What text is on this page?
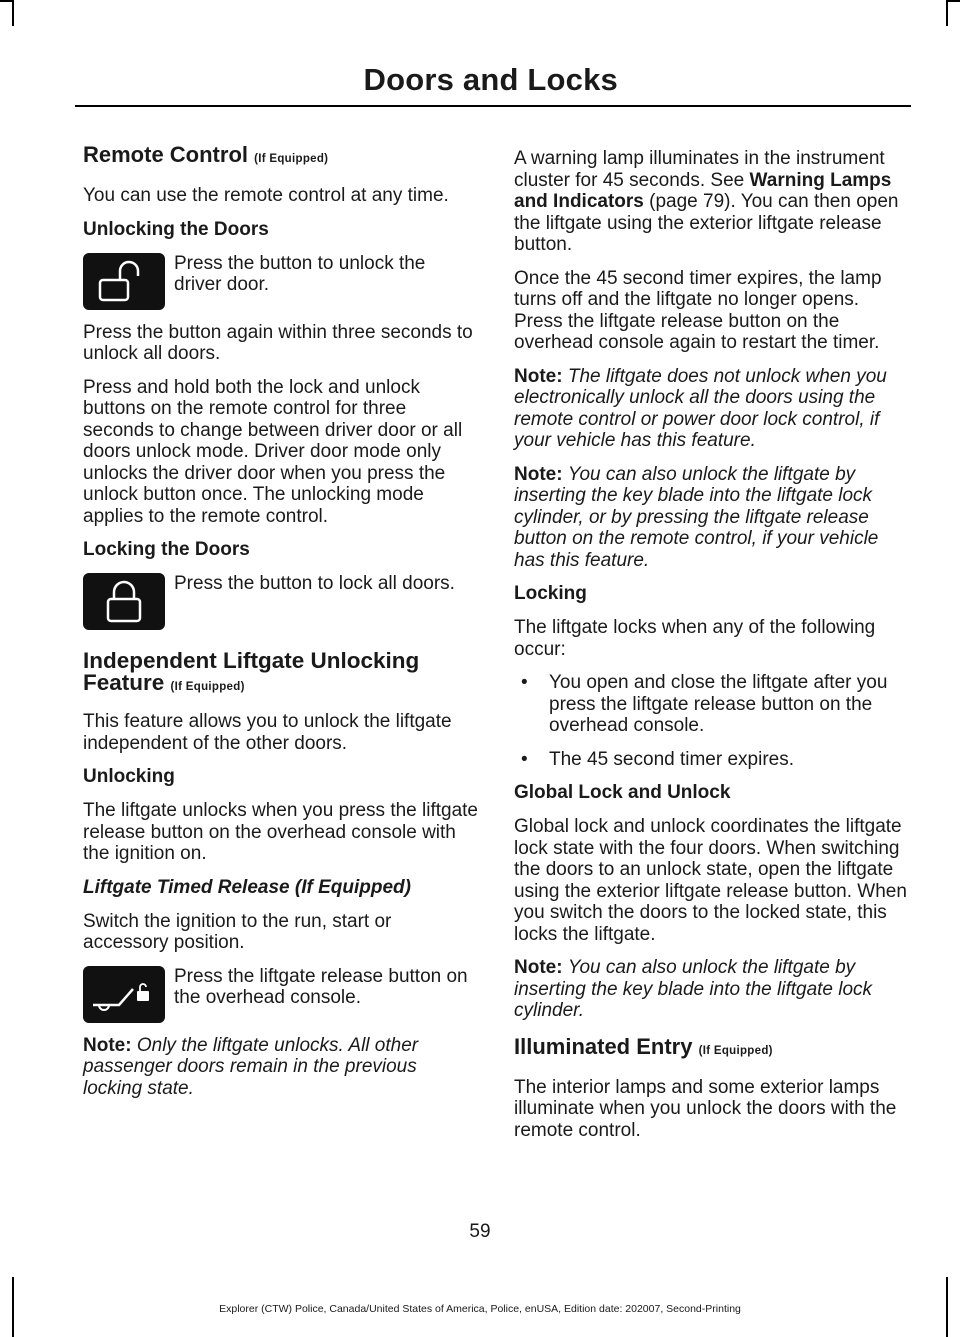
Doors and Locks
Remote Control (If Equipped)

You can use the remote control at any time.

Unlocking the Doors

Press the button to unlock the driver door.

Press the button again within three seconds to unlock all doors.

Press and hold both the lock and unlock buttons on the remote control for three seconds to change between driver door or all doors unlock mode. Driver door mode only unlocks the driver door when you press the unlock button once. The unlocking mode applies to the remote control.

Locking the Doors

Press the button to lock all doors.

Independent Liftgate Unlocking Feature (If Equipped)

This feature allows you to unlock the liftgate independent of the other doors.

Unlocking

The liftgate unlocks when you press the liftgate release button on the overhead console with the ignition on.

Liftgate Timed Release (If Equipped)

Switch the ignition to the run, start or accessory position.

Press the liftgate release button on the overhead console.

Note: Only the liftgate unlocks. All other passenger doors remain in the previous locking state.

A warning lamp illuminates in the instrument cluster for 45 seconds. See Warning Lamps and Indicators (page 79). You can then open the liftgate using the exterior liftgate release button.

Once the 45 second timer expires, the lamp turns off and the liftgate no longer opens. Press the liftgate release button on the overhead console again to restart the timer.

Note: The liftgate does not unlock when you electronically unlock all the doors using the remote control or power door lock control, if your vehicle has this feature.

Note: You can also unlock the liftgate by inserting the key blade into the liftgate lock cylinder, or by pressing the liftgate release button on the remote control, if your vehicle has this feature.

Locking

The liftgate locks when any of the following occur:

• You open and close the liftgate after you press the liftgate release button on the overhead console.
• The 45 second timer expires.
Global Lock and Unlock

Global lock and unlock coordinates the liftgate lock state with the four doors. When switching the doors to an unlock state, open the liftgate using the exterior liftgate release button. When you switch the doors to the locked state, this locks the liftgate.

Note: You can also unlock the liftgate by inserting the key blade into the liftgate lock cylinder.

Illuminated Entry (If Equipped)

The interior lamps and some exterior lamps illuminate when you unlock the doors with the remote control.

59
Explorer (CTW) Police, Canada/United States of America, Police, enUSA, Edition date: 202007, Second-Printing
